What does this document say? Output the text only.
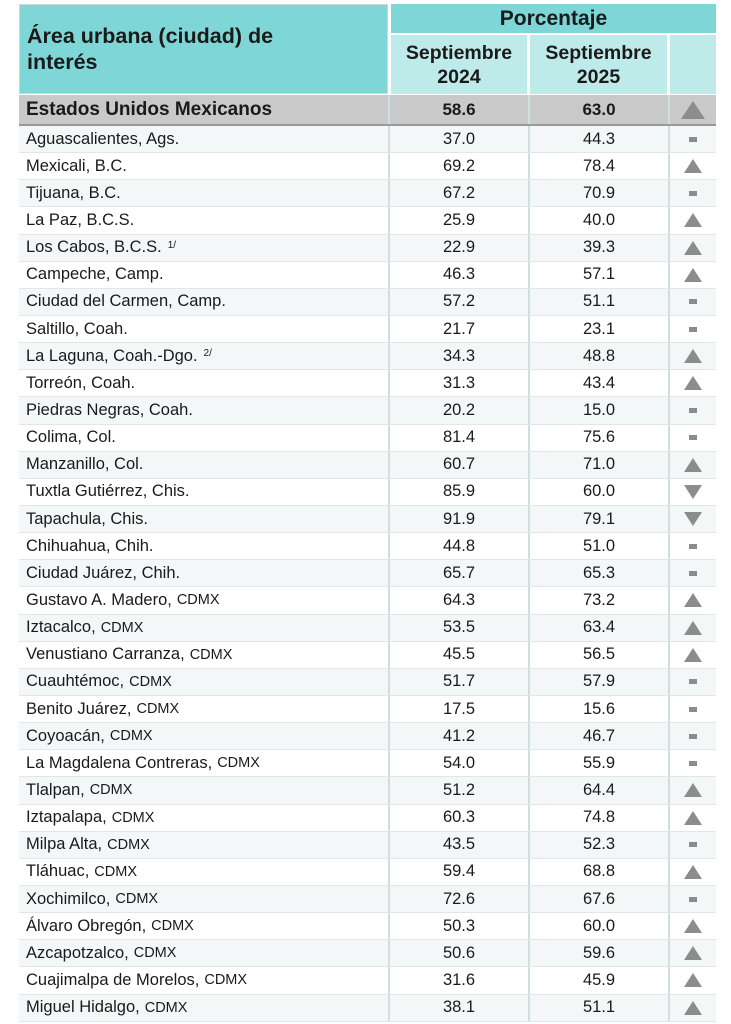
Área urbana (ciudad) de interés
Porcentaje
Septiembre 2024
Septiembre 2025
Estados Unidos Mexicanos	58.6	63.0
Aguascalientes, Ags.	37.0	44.3
Mexicali, B.C.	69.2	78.4
Tijuana, B.C.	67.2	70.9
La Paz, B.C.S.	25.9	40.0
Los Cabos, B.C.S. 1/	22.9	39.3
Campeche, Camp.	46.3	57.1
Ciudad del Carmen, Camp.	57.2	51.1
Saltillo, Coah.	21.7	23.1
La Laguna, Coah.-Dgo. 2/	34.3	48.8
Torreón, Coah.	31.3	43.4
Piedras Negras, Coah.	20.2	15.0
Colima, Col.	81.4	75.6
Manzanillo, Col.	60.7	71.0
Tuxtla Gutiérrez, Chis.	85.9	60.0
Tapachula, Chis.	91.9	79.1
Chihuahua, Chih.	44.8	51.0
Ciudad Juárez, Chih.	65.7	65.3
Gustavo A. Madero, CDMX	64.3	73.2
Iztacalco, CDMX	53.5	63.4
Venustiano Carranza, CDMX	45.5	56.5
Cuauhtémoc, CDMX	51.7	57.9
Benito Juárez, CDMX	17.5	15.6
Coyoacán, CDMX	41.2	46.7
La Magdalena Contreras, CDMX	54.0	55.9
Tlalpan, CDMX	51.2	64.4
Iztapalapa, CDMX	60.3	74.8
Milpa Alta, CDMX	43.5	52.3
Tláhuac, CDMX	59.4	68.8
Xochimilco, CDMX	72.6	67.6
Álvaro Obregón, CDMX	50.3	60.0
Azcapotzalco, CDMX	50.6	59.6
Cuajimalpa de Morelos, CDMX	31.6	45.9
Miguel Hidalgo, CDMX	38.1	51.1
